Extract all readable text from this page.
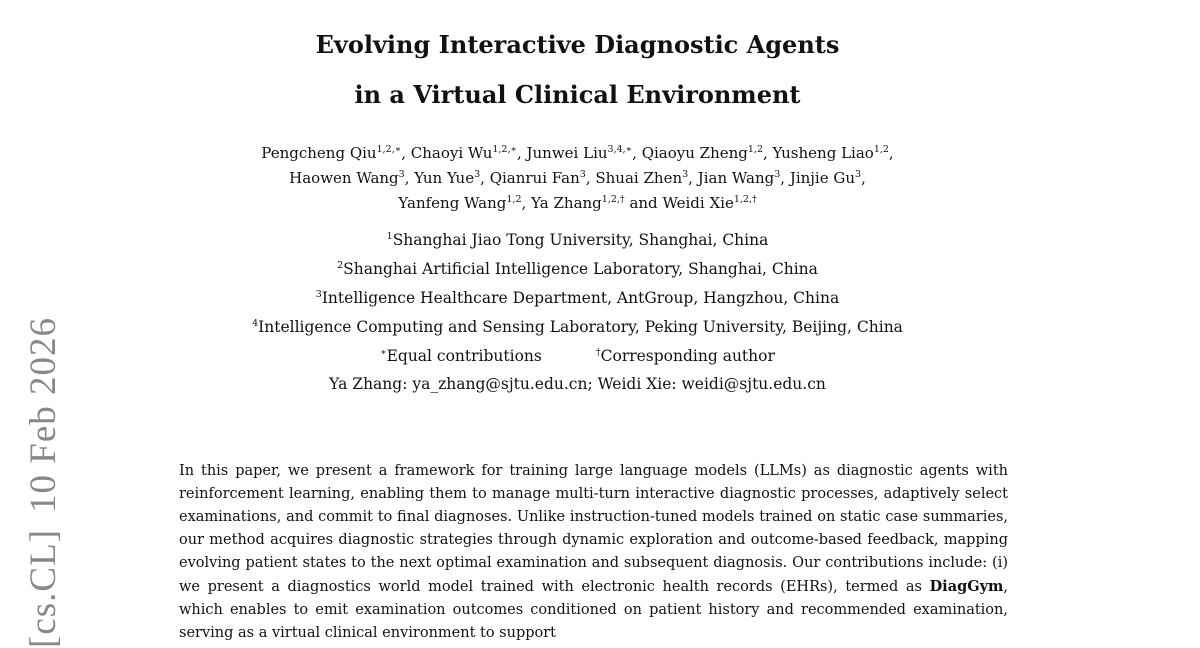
[cs.CL]10 Feb 2026
Evolving Interactive Diagnostic Agents
in a Virtual Clinical Environment
Pengcheng Qiu$^{1,2,∗}$, Chaoyi $Wu^{1,2,∗}$, Junwei Liu$^{3,4,∗}$, Qiaoyu Zheng$^{1,2}$, Yusheng Liao$^{1,2}$,
Haowen Wang$^3$, Yun Yue$^3$, Qianrui Fan$^3$, Shuai Zhen$^3$, Jian Wang$^3$, Jinjie Gu$^3$,
Yanfeng Wang$^{1,2}$, Ya Zhang$^{1,2,\dagger}$ and Weidi Xie$^{1,2,\dagger}$
$^1$Shanghai Jiao Tong University, Shanghai, China
$^2$Shanghai Artificial Intelligence Laboratory, Shanghai, China
$^3$Intelligence Healthcare Department, AntGroup, Hangzhou, China
$^4$Intelligence Computing and Sensing Laboratory, Peking University, Beijing, China
∗Equal contributions	†Corresponding author
Ya Zhang: ya_zhang@sjtu.edu.cn; Weidi Xie: weidi@sjtu.edu.cn
In this paper, we present a framework for training large language models (LLMs) as diagnostic agents with reinforcement learning, enabling them to manage multi-turn interactive diagnostic processes, adaptively select examinations, and commit to final diagnoses. Unlike instruction-tuned models trained on static case summaries, our method acquires diagnostic strategies through dynamic exploration and outcome-based feedback, mapping evolving patient states to the next optimal examination and subsequent diagnosis. Our contributions include: (i) we present a diagnostics world model trained with electronic health records (EHRs), termed as DiagGym, which enables to emit examination outcomes conditioned on patient history and recommended examination, serving as a virtual clinical environment to support
